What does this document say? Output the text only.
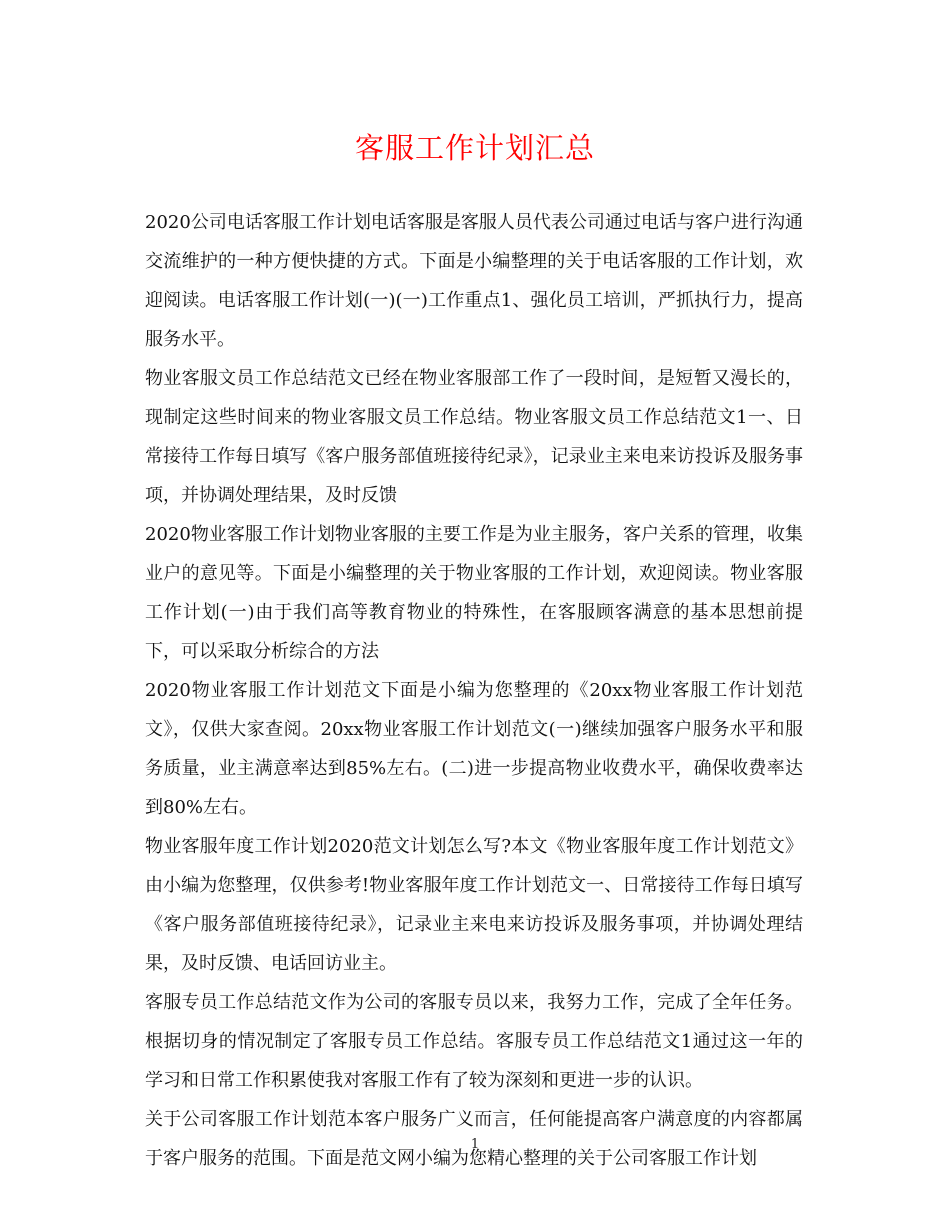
客服工作计划汇总

2020公司电话客服工作计划电话客服是客服人员代表公司通过电话与客户进行沟通交流维护的一种方便快捷的方式。下面是小编整理的关于电话客服的工作计划，欢迎阅读。电话客服工作计划(一)(一)工作重点1、强化员工培训，严抓执行力，提高服务水平。

物业客服文员工作总结范文已经在物业客服部工作了一段时间，是短暂又漫长的，现制定这些时间来的物业客服文员工作总结。物业客服文员工作总结范文1一、日常接待工作每日填写《客户服务部值班接待纪录》，记录业主来电来访投诉及服务事项，并协调处理结果，及时反馈

2020物业客服工作计划物业客服的主要工作是为业主服务，客户关系的管理，收集业户的意见等。下面是小编整理的关于物业客服的工作计划，欢迎阅读。物业客服工作计划(一)由于我们高等教育物业的特殊性，在客服顾客满意的基本思想前提下，可以采取分析综合的方法

2020物业客服工作计划范文下面是小编为您整理的《20xx物业客服工作计划范文》，仅供大家查阅。20xx物业客服工作计划范文(一)继续加强客户服务水平和服务质量，业主满意率达到85%左右。(二)进一步提高物业收费水平，确保收费率达到80%左右。

物业客服年度工作计划2020范文计划怎么写?本文《物业客服年度工作计划范文》由小编为您整理，仅供参考!物业客服年度工作计划范文一、日常接待工作每日填写《客户服务部值班接待纪录》，记录业主来电来访投诉及服务事项，并协调处理结果，及时反馈、电话回访业主。

客服专员工作总结范文作为公司的客服专员以来，我努力工作，完成了全年任务。根据切身的情况制定了客服专员工作总结。客服专员工作总结范文1通过这一年的学习和日常工作积累使我对客服工作有了较为深刻和更进一步的认识。

关于公司客服工作计划范本客户服务广义而言，任何能提高客户满意度的内容都属于客户服务的范围。下面是范文网小编为您精心整理的关于公司客服工作计划

1
